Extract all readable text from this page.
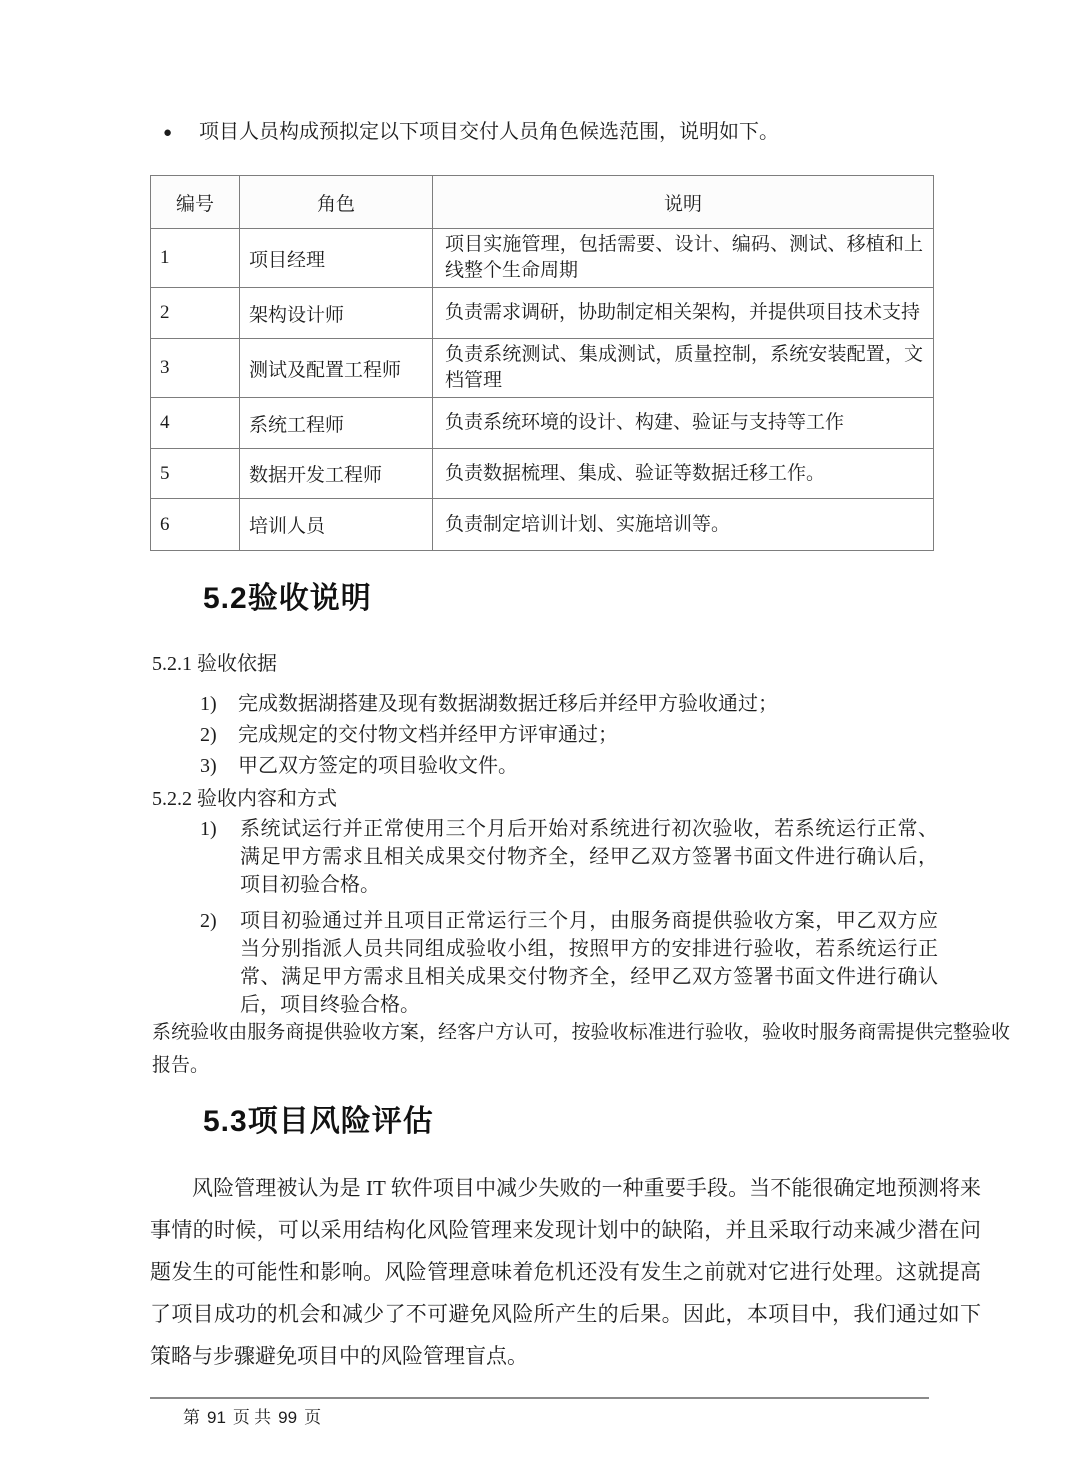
● 项目人员构成预拟定以下项目交付人员角色候选范围，说明如下。
编号	角色	说明
1	项目经理	项目实施管理，包括需要、设计、编码、测试、移植和上线整个生命周期
2	架构设计师	负责需求调研，协助制定相关架构，并提供项目技术支持
3	测试及配置工程师	负责系统测试、集成测试，质量控制，系统安装配置，文档管理
4	系统工程师	负责系统环境的设计、构建、验证与支持等工作
5	数据开发工程师	负责数据梳理、集成、验证等数据迁移工作。
6	培训人员	负责制定培训计划、实施培训等。
5.2验收说明
5.2.1 验收依据
1)	完成数据湖搭建及现有数据湖数据迁移后并经甲方验收通过；
2)	完成规定的交付物文档并经甲方评审通过；
3)	甲乙双方签定的项目验收文件。
5.2.2 验收内容和方式
1)	系统试运行并正常使用三个月后开始对系统进行初次验收，若系统运行正常、满足甲方需求且相关成果交付物齐全，经甲乙双方签署书面文件进行确认后，项目初验合格。
2)	项目初验通过并且项目正常运行三个月，由服务商提供验收方案，甲乙双方应当分别指派人员共同组成验收小组，按照甲方的安排进行验收，若系统运行正常、满足甲方需求且相关成果交付物齐全，经甲乙双方签署书面文件进行确认后，项目终验合格。
系统验收由服务商提供验收方案，经客户方认可，按验收标准进行验收，验收时服务商需提供完整验收报告。
5.3项目风险评估
风险管理被认为是 IT 软件项目中减少失败的一种重要手段。当不能很确定地预测将来事情的时候，可以采用结构化风险管理来发现计划中的缺陷，并且采取行动来减少潜在问题发生的可能性和影响。风险管理意味着危机还没有发生之前就对它进行处理。这就提高了项目成功的机会和减少了不可避免风险所产生的后果。因此，本项目中，我们通过如下策略与步骤避免项目中的风险管理盲点。
第 91 页 共 99 页
